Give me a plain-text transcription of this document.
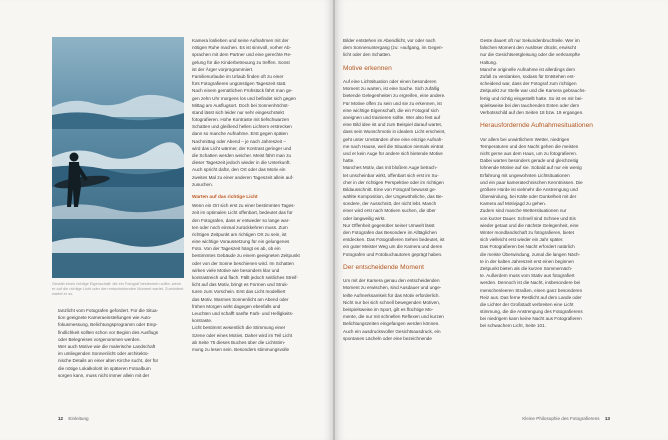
Gestatt einen richtige Eigenschaft: die ein Fotograf bestimmen sollte, wenn er auf die richtige Licht oder den entscheidenden Moment wartet. Zumindest wartet er so.
Kamera loslieben und seine Aufnahmen mit der
nötigen Ruhe machen. Es ist sinnvoll, vorher Ab-
sprachen mit dem Partner und eine gerechte Re-
gelung für die Kinderbetreuung zu treffen. Sonst
ist der Ärger vorprogrammiert.
Familienurlaube im Urlaub finden oft zu einer
fürs Fotografieren ungünstigen Tageszeit statt.
Nach einem gemütlichen Frühstück fährt man ge-
gen zehn Uhr morgens los und befindet sich gegen
Mittag am Ausflugsort. Doch bei Sonnenhöchst-
stand lässt sich leider nur sehr eingeschränkt
fotografieren. Hohe Kontraste mit tiefschwarzen
Schatten und gleißend hellen Lichtern erstrecken
dann so manche Aufnahme. Erst gegen späten
Nachmittag oder Abend – je nach Jahreszeit –
wird das Licht wärmer, der Kontrast geringer und
die Schatten werden weicher. Meist fährt man zu
dieser Tageszeit jedoch wieder in die Unterkunft.
Auch spricht dafür, den Ort oder das Motiv ein
zweites Mal zu einer anderen Tageszeit allein auf-
zusuchen.
Warten auf das richtige Licht
Wenn ein Ort sich erst zu einer bestimmten Tages-
zeit im optimalen Licht offenbart, bedeutet das für
den Fotografen, dass er entweder so lange war-
ten oder noch einmal zurückkehren muss. Zum
richtigen Zeitpunkt am richtigen Ort zu sein, ist
eine wichtige Voraussetzung für ein gelungenes
Foto. Von der Tageszeit hängt es ab, ob ein
bestimmtes Gebäude zu einem geeigneten Zeitpunkt
oder von der Sonne beschienen wird. Im Schatten
wirken viele Motive wie besonders klar und
kontrastreich und flach. Fällt jedoch seitliches Streif-
licht auf das Motiv, bringt es Formen und Struk-
turen zum Vorschein. Erst das Licht modelliert
das Motiv. Warmes Sonnenlicht am Abend oder
frühen Morgen wirkt dagegen ebenfalls und
Leuchten und schafft sanfte Farb- und Helligkeits-
kontraste.
Licht bestimmt wesentlich die Stimmung einer
Szene oder eines Motivs. Daher wird im Teil Licht
ab Seite 75 dieses Buches über die Lichtstim-
mung zu lesen sein. Besonders stimmungsvolle
tanzlicht vom Fotografen gefordert. Für die Situa-
tion geeignete Kameraeinstellungen wie Auto-
fokusmessung, Belichtungsprogramm oder Emp-
findlichkeit sollten schon vor Beginn des Ausflugs
oder Belegreises vorgenommen werden.
Wer auch Motive wie die malerische Landschaft
im umliegenden Sonnenlicht oder architekto-
nische Details an einer alten Kirche sucht, der für
die nötige Lokalkolorit im späteren Fotoalbum
sorgen kann, muss nicht immer allein mit der
12 Einleitung
Bilder entstehen im Abendlicht, vor oder nach
dem Sonnenuntergang (zu: »aufgang, im Gegen-
licht oder den Schatten.
Motive erkennen
Auf eine Lichtsituation oder einen besonderen
Moment zu warten, ist eine Sache. Sich zufällig
bietende Gelegenheiten zu ergreifen, eine andere.
Für Motive offen zu sein und sie zu erkennen, ist
eine wichtige Eigenschaft, die ein Fotograf sich
aneignen und trainieren sollte. Wer also fest auf
eine Bild idee ist und zum Beispiel darauf wartet,
dass sein Wunschmotiv in idealem Licht erscheint,
geht unter Umständen ohne eine einzige Aufnah-
me nach Hause, weil die Situation niemals eintrat
und er kein Auge für andere sich bietende Motive
hatte.
Manches Motiv, das mit bloßem Auge betrach-
tet unscheinbar wirkt, offenbart sich erst im Su-
cher in der richtigen Perspektive oder im richtigen
Bildausschnitt. Eine von Fotograf bewusst ge-
wählte Komposition, der Ungewöhnliche, das Be-
sondere, der Ausschnitt, der nicht lebt. Manch
einer wird erst nach Motiven suchen, die über
oder langweilig wirkt.
Nur Offenheit gegenüber seiner Umwelt lässt
den Fotografen das Besondere im Alltäglichen
entdecken. Das Fotografieren Sehen bedeutet, ist
ein guter Meister Weg um die Kamera und deren
Fotografen und Fotobuchautoren geprägt haben.
Der entscheidende Moment
Um mit der Kamera genau den entscheidenden
Moment zu erwischen, sind Ausdauer und unge-
teilte Aufmerksamkeit für das Motiv erforderlich.
Nicht nur bei sich schnell bewegenden Motiven,
beispielsweise im Sport, gilt es flüchtige Mo-
mente, die nur mit schnellen Reflexen und kurzen
Belichtungszeiten eingefangen werden können.
Auch ein ausdrucksvoller Gesichtsausdruck, ein
spontanes Lächeln oder eine bezeichnende
Geste dauert oft nur Sekundenbruchteile. Wer im
falschen Moment den Auslöser drückt, erwischt
nur die Gesichtsentgleisung oder die verkrampfte
Haltung.
Manche originelle Aufnahme ist allerdings dem
Zufall zu verdanken, sodass für Entstehen ent-
scheidend war, dass der Fotograf zum richtigen
Zeitpunkt zur Stelle war und die Kamera gebrauchs-
fertig und richtig eingestellt hatte. So ist es mir bei-
spielsweise bei den tauchenden Enten oder dem
Verbotsschild auf den Seiten 18 bzw. 19 ergangen.
Herausfordernde Aufnahmesituationen
Vor allem bei unwirtlichem Wetter, niedrigen
Temperaturen und den Nacht gehen die meisten
nicht gerne aus dem Haus, um zu fotografieren.
Dabei warten besonders gerade und gleichzeitig
lohnende Motive auf sie. Sobald auf nur ein wenig
Erfahrung mit ungewohnten Lichtsituationen
und ein paar kameratechnischen Kenntnissen. Die
größere Hürde ist vielmehr die Anstrengung und
Überwindung, bei Kälte oder Dunkelheit mit der
Kamera auf Motivjagd zu gehen.
Zudem sind manche Wettersituationen nur
von kurzer Dauer. Schnell sind Schnee und Eis
wieder getaut und die nächste Gelegenheit, eine
Winter mondlandschaft zu fotografieren, bietet
sich vielleicht erst wieder ein Jahr später.
Das Fotografieren bei Nacht erfordert natürlich
die meiste Überwindung, zumal die langen Näch-
te in der kalten Jahreszeit erst einen beginnen
Zeitpunkt bieten als die kurzen Sommernäch-
te. Außerdem muss vom Stativ aus fotografiert
werden. Dennoch ist die Nacht, insbesondere bei
menschenleeren Straßen, einen ganz besonderen
Reiz aus. Das ferne Restlicht auf dem Lande oder
die Lichter der Großstadt verbreiten eine Licht
stimmung, die die Anstrengung des Fotografierens
bei niedrigem kann keine Nacht aus Fotografieren
bei schwachem Licht, Seite 101.
Kleine Philosophie des Fotografierens 13
